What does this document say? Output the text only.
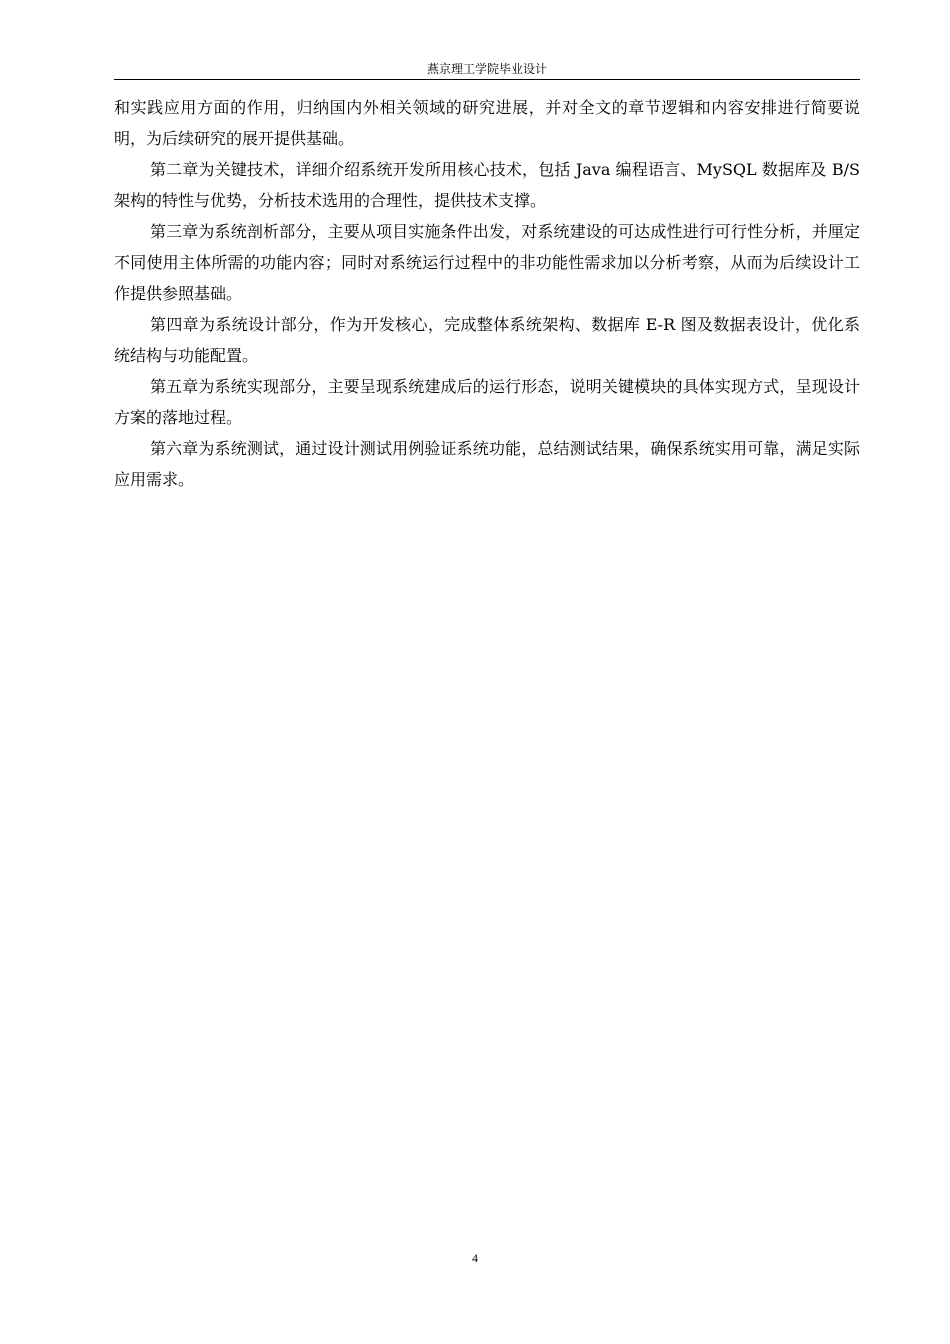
燕京理工学院毕业设计

和实践应用方面的作用，归纳国内外相关领域的研究进展，并对全文的章节逻辑和内容安排进行简要说明，为后续研究的展开提供基础。

第二章为关键技术，详细介绍系统开发所用核心技术，包括 Java 编程语言、MySQL 数据库及 B/S 架构的特性与优势，分析技术选用的合理性，提供技术支撑。

第三章为系统剖析部分，主要从项目实施条件出发，对系统建设的可达成性进行可行性分析，并厘定不同使用主体所需的功能内容；同时对系统运行过程中的非功能性需求加以分析考察，从而为后续设计工作提供参照基础。

第四章为系统设计部分，作为开发核心，完成整体系统架构、数据库 E-R 图及数据表设计，优化系统结构与功能配置。

第五章为系统实现部分，主要呈现系统建成后的运行形态，说明关键模块的具体实现方式，呈现设计方案的落地过程。

第六章为系统测试，通过设计测试用例验证系统功能，总结测试结果，确保系统实用可靠，满足实际应用需求。

4
